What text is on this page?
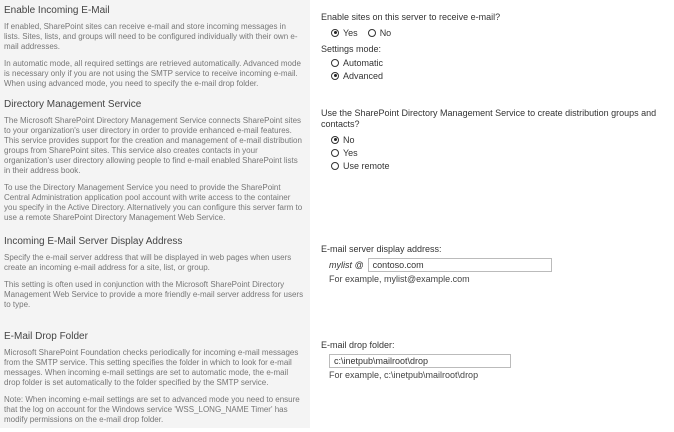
Enable Incoming E-Mail
If enabled, SharePoint sites can receive e-mail and store incoming messages in lists. Sites, lists, and groups will need to be configured individually with their own e-mail addresses.
In automatic mode, all required settings are retrieved automatically. Advanced mode is necessary only if you are not using the SMTP service to receive incoming e-mail. When using advanced mode, you need to specify the e-mail drop folder.
Enable sites on this server to receive e-mail?
Yes No
Settings mode:
Automatic
Advanced
Directory Management Service
The Microsoft SharePoint Directory Management Service connects SharePoint sites to your organization's user directory in order to provide enhanced e-mail features. This service provides support for the creation and management of e-mail distribution groups from SharePoint sites. This service also creates contacts in your organization's user directory allowing people to find e-mail enabled SharePoint lists in their address book.
To use the Directory Management Service you need to provide the SharePoint Central Administration application pool account with write access to the container you specify in the Active Directory. Alternatively you can configure this server farm to use a remote SharePoint Directory Management Web Service.
Use the SharePoint Directory Management Service to create distribution groups and contacts?
No
Yes
Use remote
Incoming E-Mail Server Display Address
Specify the e-mail server address that will be displayed in web pages when users create an incoming e-mail address for a site, list, or group.
This setting is often used in conjunction with the Microsoft SharePoint Directory Management Web Service to provide a more friendly e-mail server address for users to type.
E-mail server display address:
mylist @	contoso.com
For example, mylist@example.com
E-Mail Drop Folder
Microsoft SharePoint Foundation checks periodically for incoming e-mail messages from the SMTP service. This setting specifies the folder in which to look for e-mail messages. When incoming e-mail settings are set to automatic mode, the e-mail drop folder is set automatically to the folder specified by the SMTP service.
Note: When incoming e-mail settings are set to advanced mode you need to ensure that the log on account for the Windows service 'WSS_LONG_NAME Timer' has modify permissions on the e-mail drop folder.
E-mail drop folder:
c:\inetpub\mailroot\drop
For example, c:\inetpub\mailroot\drop
